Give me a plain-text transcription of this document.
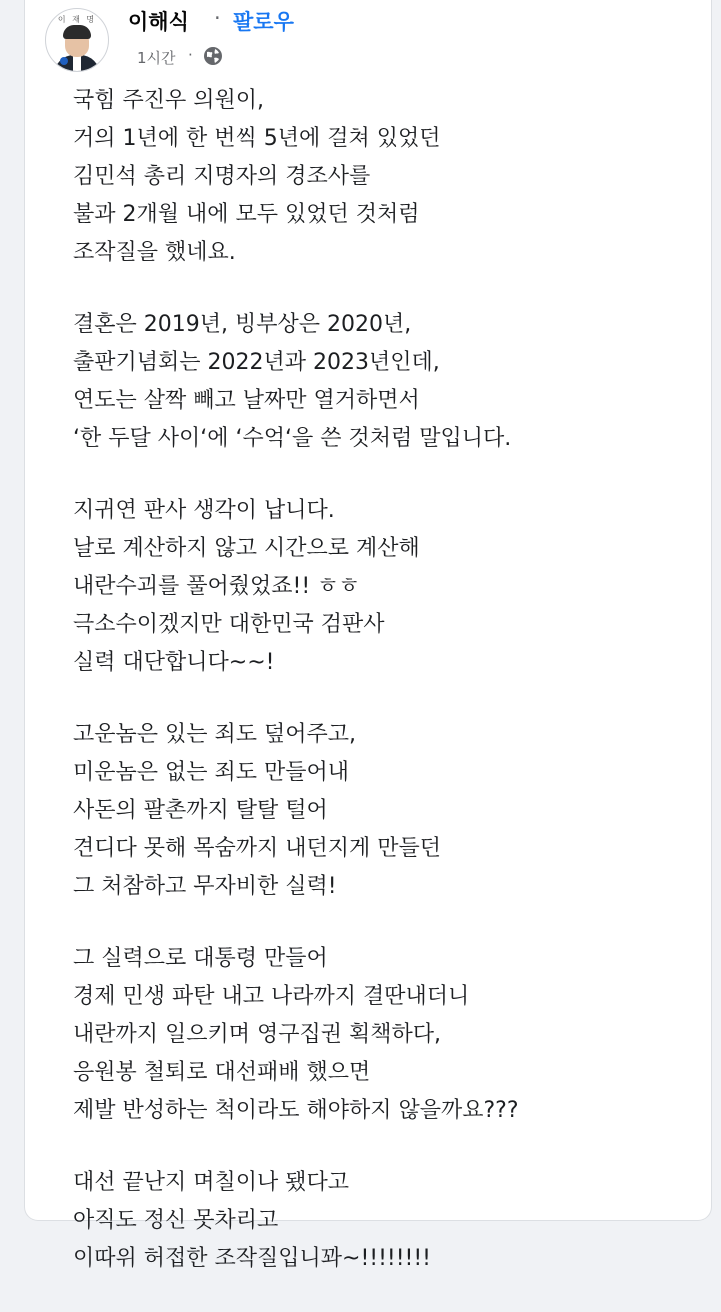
이 재 명	이해식 · 팔로우
1시간 ·
국힘 주진우 의원이,
거의 1년에 한 번씩 5년에 걸쳐 있었던
김민석 총리 지명자의 경조사를
불과 2개월 내에 모두 있었던 것처럼
조작질을 했네요.
결혼은 2019년, 빙부상은 2020년,
출판기념회는 2022년과 2023년인데,
연도는 살짝 빼고 날짜만 열거하면서
‘한 두달 사이‘에 ‘수억‘을 쓴 것처럼 말입니다.
지귀연 판사 생각이 납니다.
날로 계산하지 않고 시간으로 계산해
내란수괴를 풀어줬었죠!! ㅎㅎ
극소수이겠지만 대한민국 검판사
실력 대단합니다~~!
고운놈은 있는 죄도 덮어주고,
미운놈은 없는 죄도 만들어내
사돈의 팔촌까지 탈탈 털어
견디다 못해 목숨까지 내던지게 만들던
그 처참하고 무자비한 실력!
그 실력으로 대통령 만들어
경제 민생 파탄 내고 나라까지 결딴내더니
내란까지 일으키며 영구집권 획책하다,
응원봉 철퇴로 대선패배 했으면
제발 반성하는 척이라도 해야하지 않을까요???
대선 끝난지 며칠이나 됐다고
아직도 정신 못차리고
이따위 허접한 조작질입니꽈~!!!!!!!!
